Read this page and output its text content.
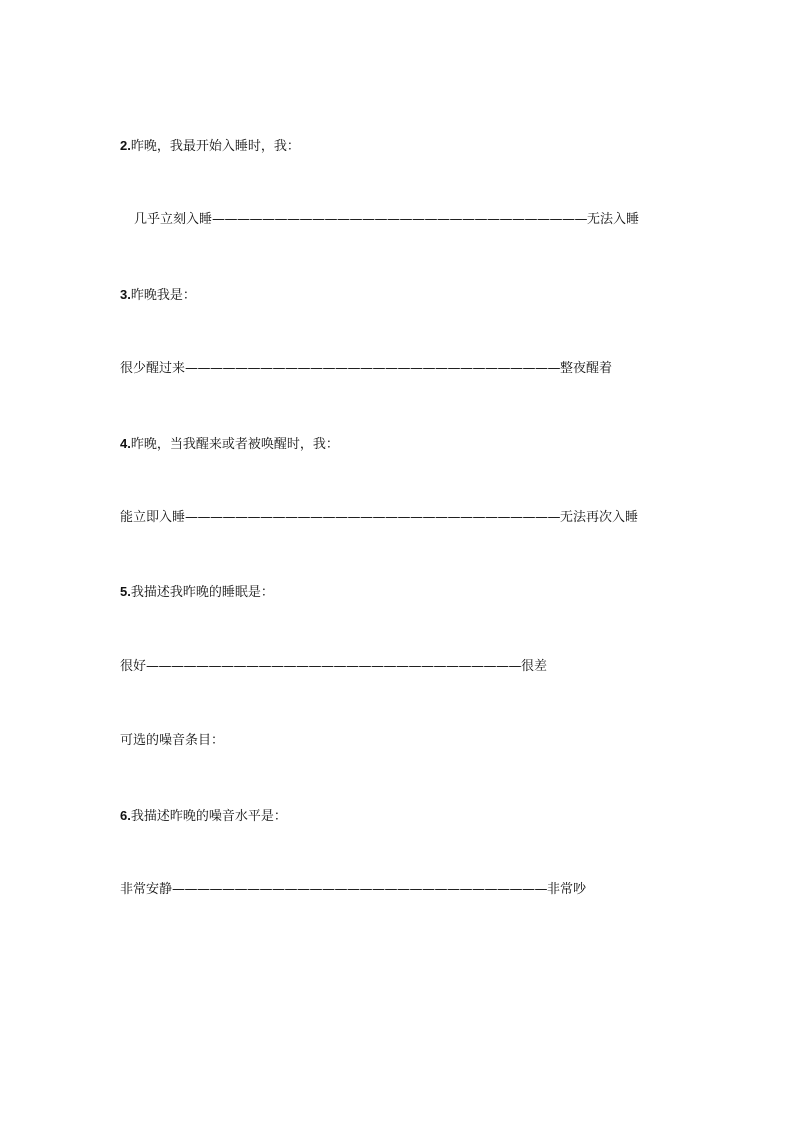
2.昨晚，我最开始入睡时，我：
几乎立刻入睡——————————————————————————————无法入睡
3.昨晚我是：
很少醒过来——————————————————————————————整夜醒着
4.昨晚，当我醒来或者被唤醒时，我：
能立即入睡——————————————————————————————无法再次入睡
5.我描述我昨晚的睡眠是：
很好——————————————————————————————很差
可选的噪音条目：
6.我描述昨晚的噪音水平是：
非常安静——————————————————————————————非常吵
